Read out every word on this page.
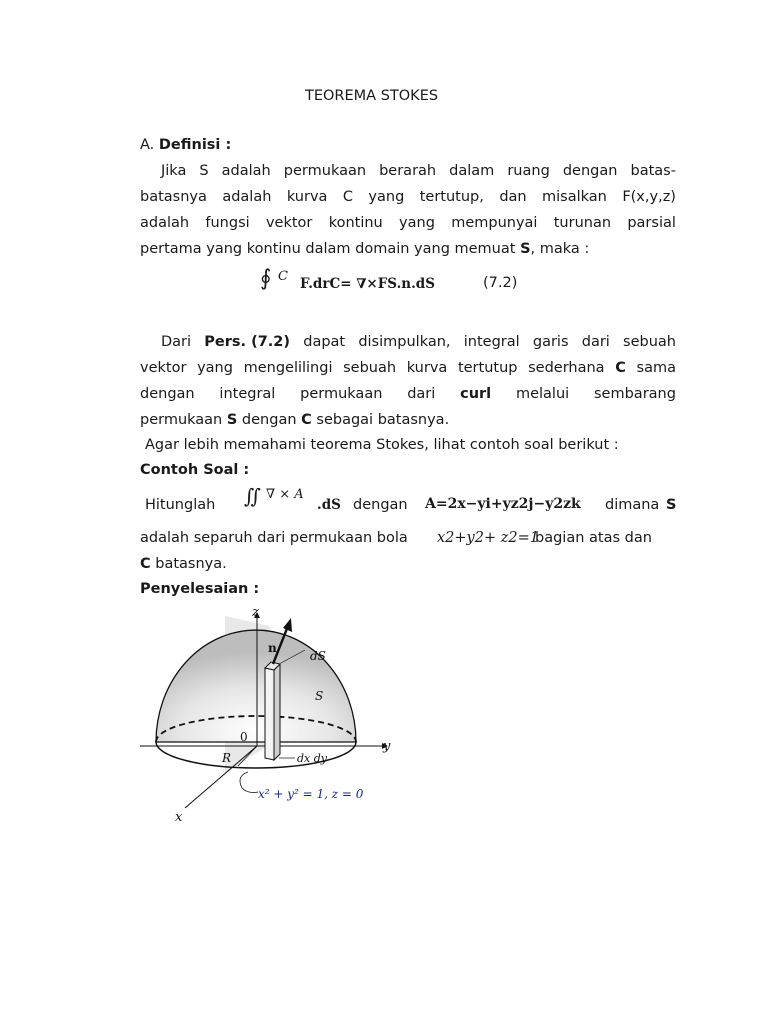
TEOREMA STOKES
A. Definisi :
Jika S adalah permukaan berarah dalam ruang dengan batas-
batasnya adalah kurva C yang tertutup, dan misalkan F(x,y,z)
adalah fungsi vektor kontinu yang mempunyai turunan parsial
pertama yang kontinu dalam domain yang memuat S, maka :
∮ C F.drC= ∇×FS.n.dS	(7.2)
Dari Pers. (7.2) dapat disimpulkan, integral garis dari sebuah
vektor yang mengelilingi sebuah kurva tertutup sederhana C sama
dengan integral permukaan dari curl melalui sembarang
permukaan S dengan C sebagai batasnya.
Agar lebih memahami teorema Stokes, lihat contoh soal berikut :
Contoh Soal :
Hitunglah ∬ ∇ × A
.dS dengan A=2x−yi+yz2j−y2zk dimana S
adalah separuh dari permukaan bola x2+y2+ z2=1
bagian atas dan
C batasnya.
Penyelesaian :
z
y
x
n
dS
S
0
R	dx dy
x² + y² = 1, z = 0
